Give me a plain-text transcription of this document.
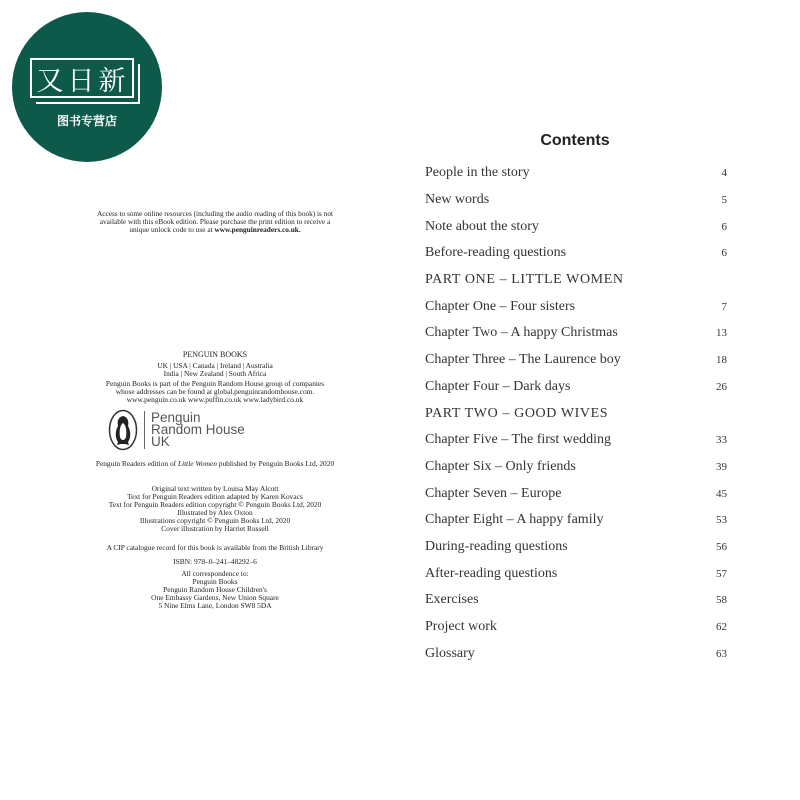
又日新
图书专营店
Access to some online resources (including the audio reading of this book) is not
available with this eBook edition. Please purchase the print edition to receive a
unique unlock code to use at www.penguinreaders.co.uk.
PENGUIN BOOKS
UK | USA | Canada | Ireland | Australia
India | New Zealand | South Africa
Penguin Books is part of the Penguin Random House group of companies
whose addresses can be found at global.penguinrandomhouse.com.
www.penguin.co.uk www.puffin.co.uk www.ladybird.co.uk
Penguin
Random House
UK
Penguin Readers edition of Little Women published by Penguin Books Ltd, 2020
Original text written by Louisa May Alcott
Text for Penguin Readers edition adapted by Karen Kovacs
Text for Penguin Readers edition copyright © Penguin Books Ltd, 2020
Illustrated by Alex Oxton
Illustrations copyright © Penguin Books Ltd, 2020
Cover illustration by Harriet Russell
A CIP catalogue record for this book is available from the British Library
ISBN: 978–0–241–48292–6
All correspondence to:
Penguin Books
Penguin Random House Children's
One Embassy Gardens, New Union Square
5 Nine Elms Lane, London SW8 5DA
Contents
People in the story	4
New words	5
Note about the story	6
Before-reading questions	6
PART ONE – LITTLE WOMEN
Chapter One – Four sisters	7
Chapter Two – A happy Christmas	13
Chapter Three – The Laurence boy	18
Chapter Four – Dark days	26
PART TWO – GOOD WIVES
Chapter Five – The first wedding	33
Chapter Six – Only friends	39
Chapter Seven – Europe	45
Chapter Eight – A happy family	53
During-reading questions	56
After-reading questions	57
Exercises	58
Project work	62
Glossary	63
